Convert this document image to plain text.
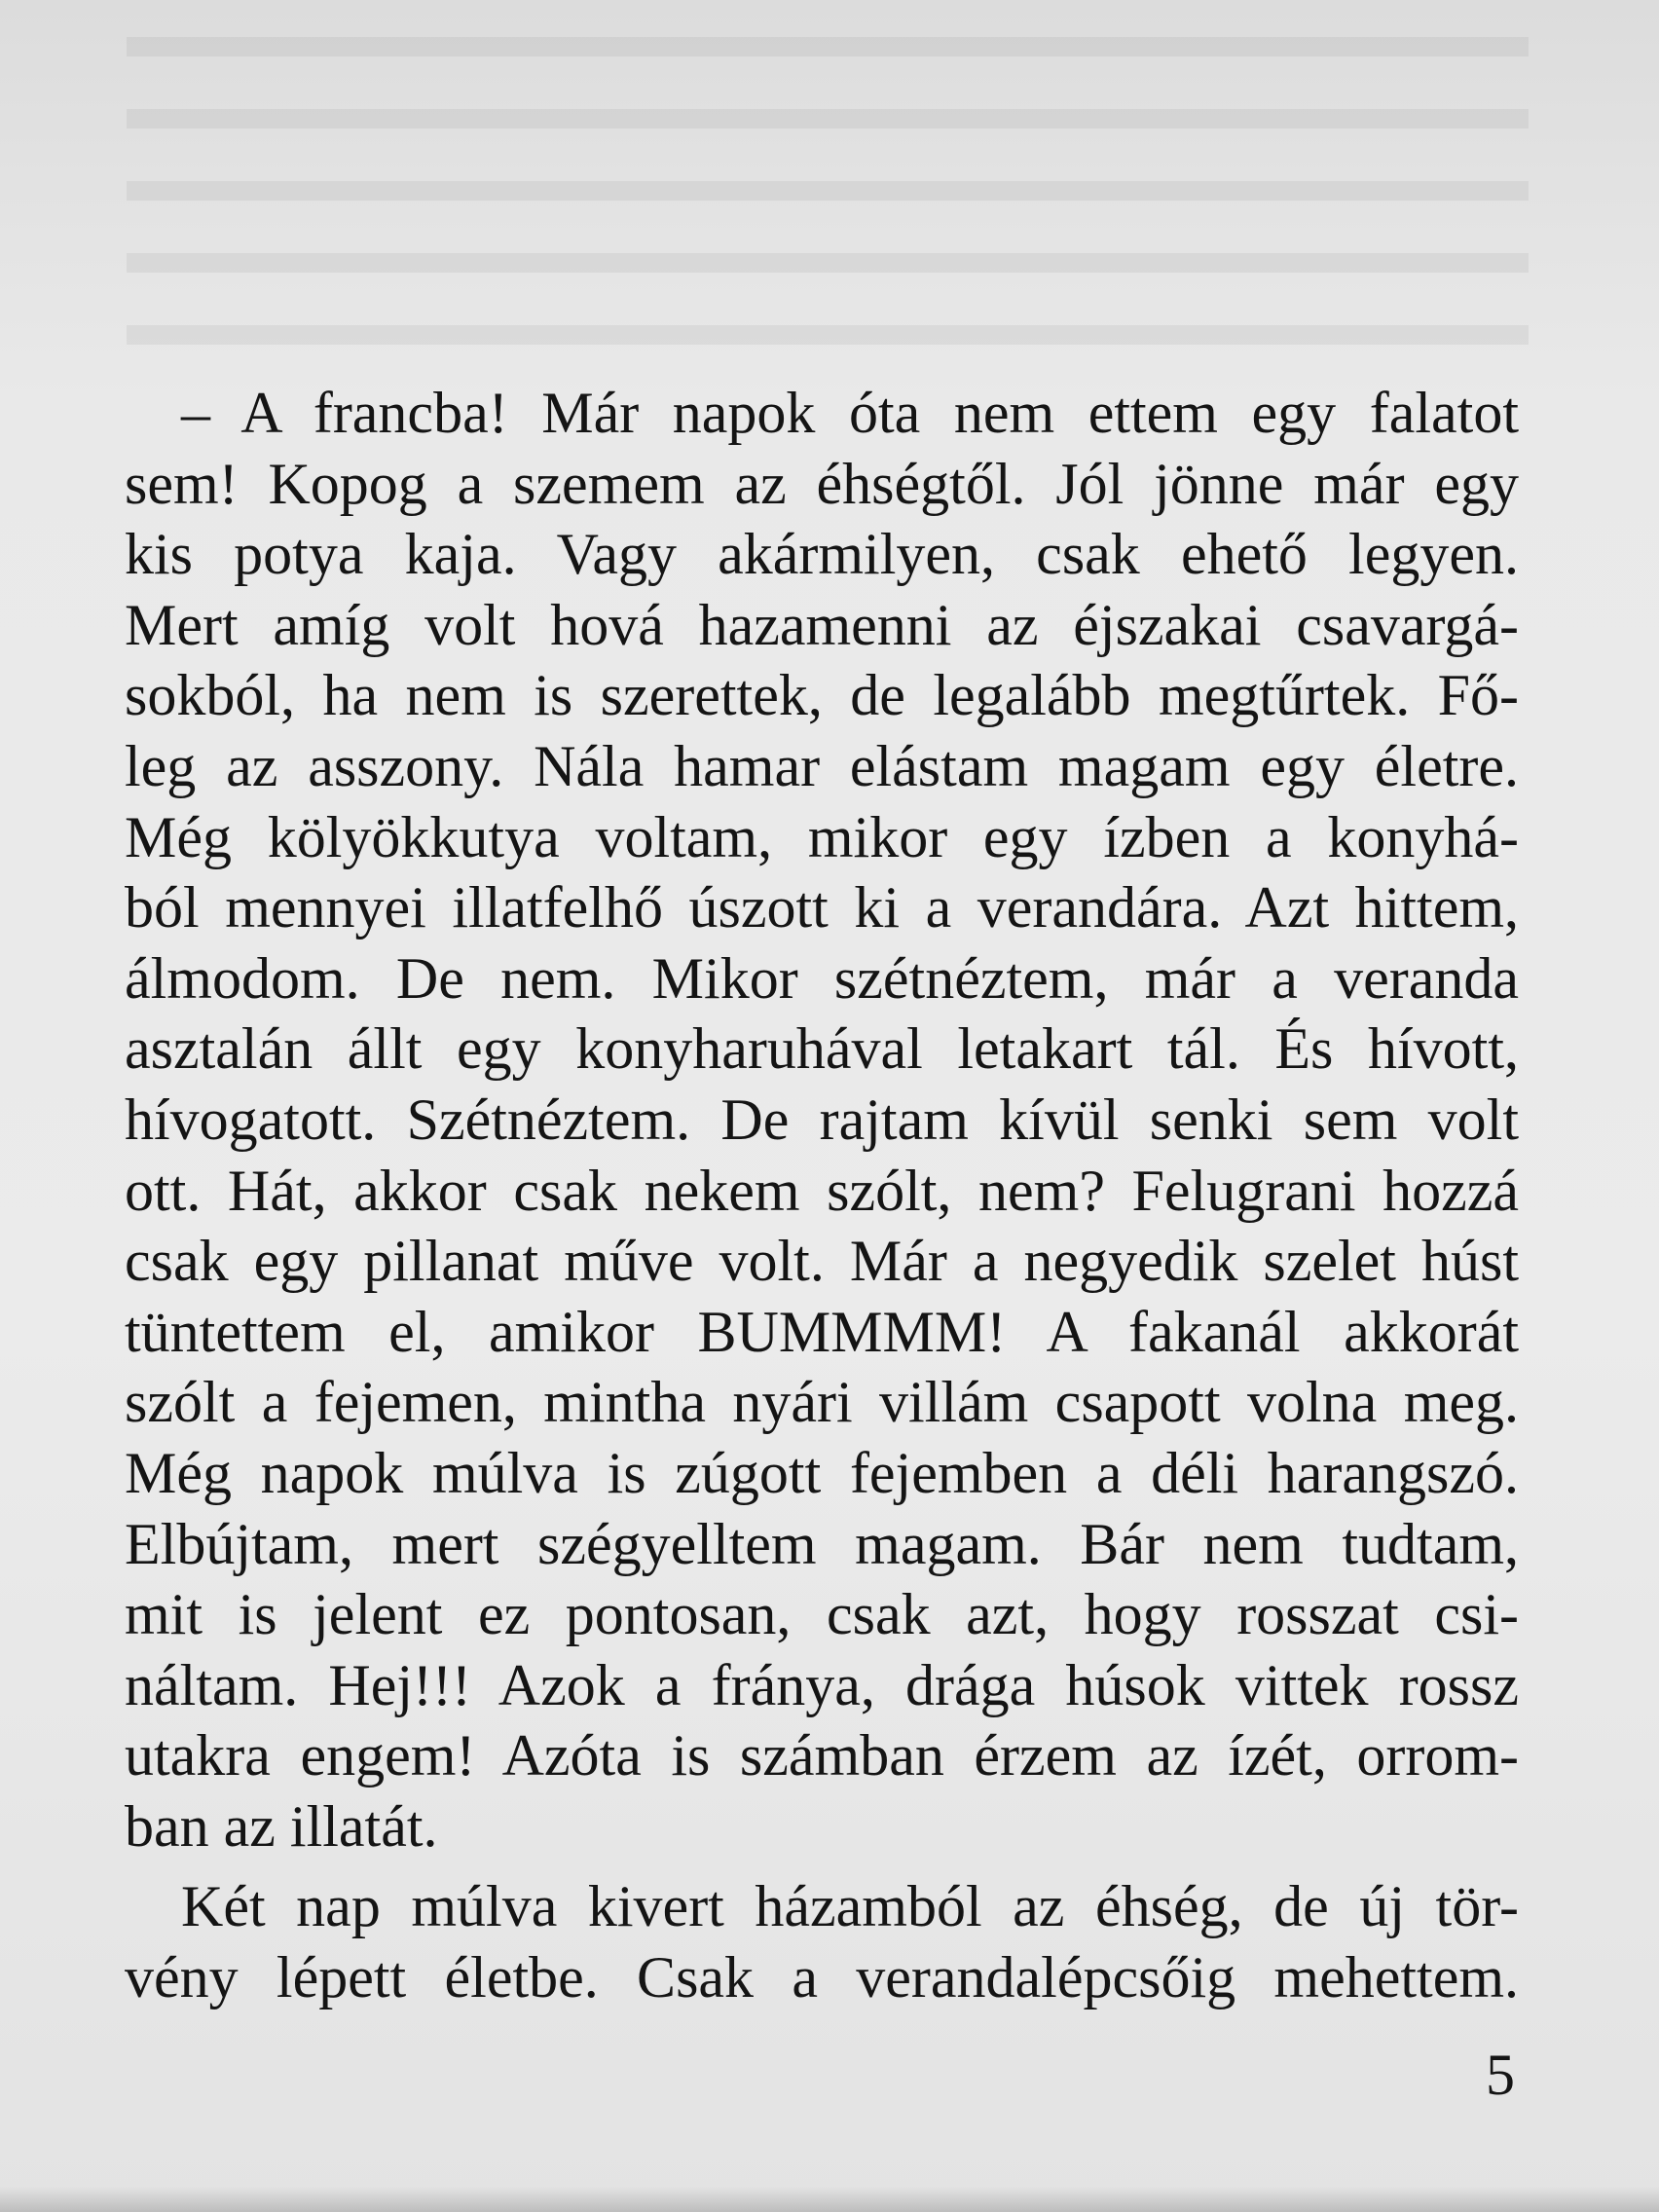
– A francba! Már napok óta nem ettem egy falatot
sem! Kopog a szemem az éhségtől. Jól jönne már egy
kis potya kaja. Vagy akármilyen, csak ehető legyen.
Mert amíg volt hová hazamenni az éjszakai csavargá-
sokból, ha nem is szerettek, de legalább megtűrtek. Fő-
leg az asszony. Nála hamar elástam magam egy életre.
Még kölyökkutya voltam, mikor egy ízben a konyhá-
ból mennyei illatfelhő úszott ki a verandára. Azt hittem,
álmodom. De nem. Mikor szétnéztem, már a veranda
asztalán állt egy konyharuhával letakart tál. És hívott,
hívogatott. Szétnéztem. De rajtam kívül senki sem volt
ott. Hát, akkor csak nekem szólt, nem? Felugrani hozzá
csak egy pillanat műve volt. Már a negyedik szelet húst
tüntettem el, amikor BUMMMM! A fakanál akkorát
szólt a fejemen, mintha nyári villám csapott volna meg.
Még napok múlva is zúgott fejemben a déli harangszó.
Elbújtam, mert szégyelltem magam. Bár nem tudtam,
mit is jelent ez pontosan, csak azt, hogy rosszat csi-
náltam. Hej!!! Azok a fránya, drága húsok vittek rossz
utakra engem! Azóta is számban érzem az ízét, orrom-
ban az illatát.
Két nap múlva kivert házamból az éhség, de új tör-
vény lépett életbe. Csak a verandalépcsőig mehettem.
5
